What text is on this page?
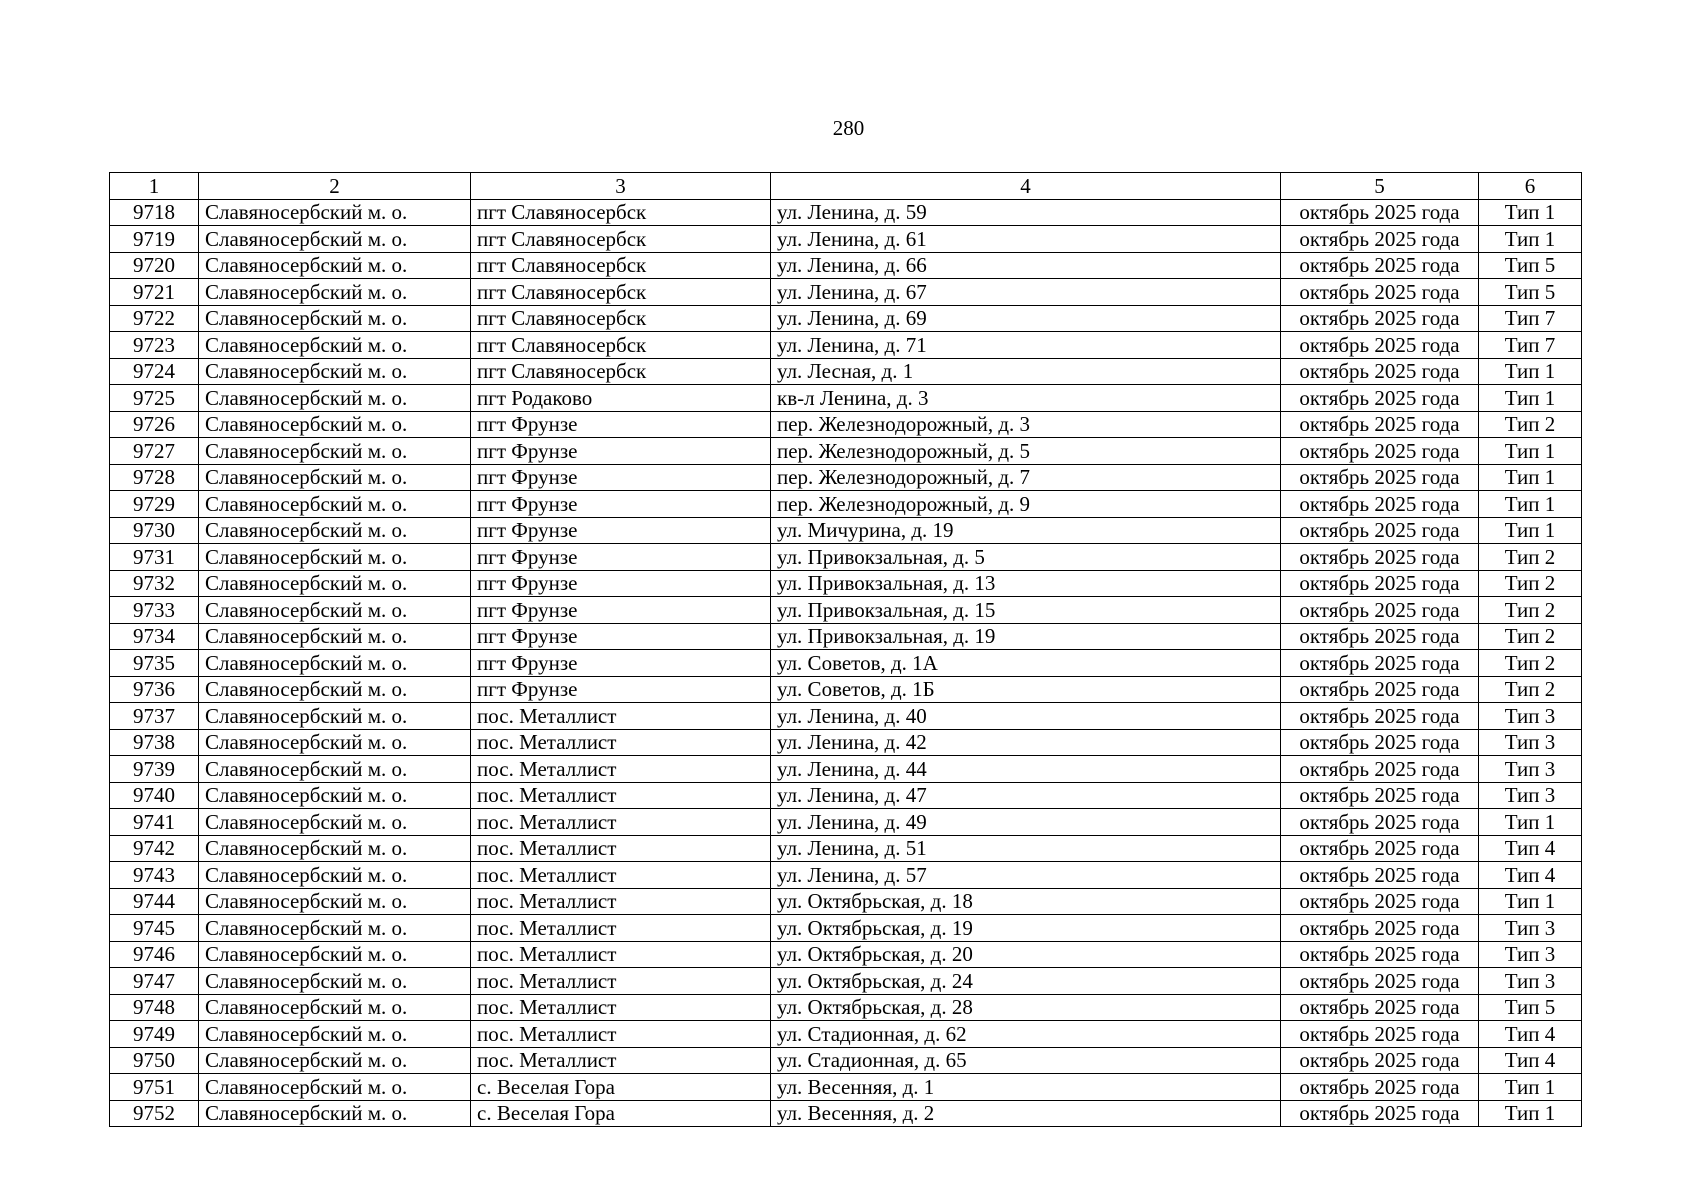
280
1	2	3	4	5	6
9718	Славяносербский м. о.	пгт Славяносербск	ул. Ленина, д. 59	октябрь 2025 года	Тип 1
9719	Славяносербский м. о.	пгт Славяносербск	ул. Ленина, д. 61	октябрь 2025 года	Тип 1
9720	Славяносербский м. о.	пгт Славяносербск	ул. Ленина, д. 66	октябрь 2025 года	Тип 5
9721	Славяносербский м. о.	пгт Славяносербск	ул. Ленина, д. 67	октябрь 2025 года	Тип 5
9722	Славяносербский м. о.	пгт Славяносербск	ул. Ленина, д. 69	октябрь 2025 года	Тип 7
9723	Славяносербский м. о.	пгт Славяносербск	ул. Ленина, д. 71	октябрь 2025 года	Тип 7
9724	Славяносербский м. о.	пгт Славяносербск	ул. Лесная, д. 1	октябрь 2025 года	Тип 1
9725	Славяносербский м. о.	пгт Родаково	кв-л Ленина, д. 3	октябрь 2025 года	Тип 1
9726	Славяносербский м. о.	пгт Фрунзе	пер. Железнодорожный, д. 3	октябрь 2025 года	Тип 2
9727	Славяносербский м. о.	пгт Фрунзе	пер. Железнодорожный, д. 5	октябрь 2025 года	Тип 1
9728	Славяносербский м. о.	пгт Фрунзе	пер. Железнодорожный, д. 7	октябрь 2025 года	Тип 1
9729	Славяносербский м. о.	пгт Фрунзе	пер. Железнодорожный, д. 9	октябрь 2025 года	Тип 1
9730	Славяносербский м. о.	пгт Фрунзе	ул. Мичурина, д. 19	октябрь 2025 года	Тип 1
9731	Славяносербский м. о.	пгт Фрунзе	ул. Привокзальная, д. 5	октябрь 2025 года	Тип 2
9732	Славяносербский м. о.	пгт Фрунзе	ул. Привокзальная, д. 13	октябрь 2025 года	Тип 2
9733	Славяносербский м. о.	пгт Фрунзе	ул. Привокзальная, д. 15	октябрь 2025 года	Тип 2
9734	Славяносербский м. о.	пгт Фрунзе	ул. Привокзальная, д. 19	октябрь 2025 года	Тип 2
9735	Славяносербский м. о.	пгт Фрунзе	ул. Советов, д. 1А	октябрь 2025 года	Тип 2
9736	Славяносербский м. о.	пгт Фрунзе	ул. Советов, д. 1Б	октябрь 2025 года	Тип 2
9737	Славяносербский м. о.	пос. Металлист	ул. Ленина, д. 40	октябрь 2025 года	Тип 3
9738	Славяносербский м. о.	пос. Металлист	ул. Ленина, д. 42	октябрь 2025 года	Тип 3
9739	Славяносербский м. о.	пос. Металлист	ул. Ленина, д. 44	октябрь 2025 года	Тип 3
9740	Славяносербский м. о.	пос. Металлист	ул. Ленина, д. 47	октябрь 2025 года	Тип 3
9741	Славяносербский м. о.	пос. Металлист	ул. Ленина, д. 49	октябрь 2025 года	Тип 1
9742	Славяносербский м. о.	пос. Металлист	ул. Ленина, д. 51	октябрь 2025 года	Тип 4
9743	Славяносербский м. о.	пос. Металлист	ул. Ленина, д. 57	октябрь 2025 года	Тип 4
9744	Славяносербский м. о.	пос. Металлист	ул. Октябрьская, д. 18	октябрь 2025 года	Тип 1
9745	Славяносербский м. о.	пос. Металлист	ул. Октябрьская, д. 19	октябрь 2025 года	Тип 3
9746	Славяносербский м. о.	пос. Металлист	ул. Октябрьская, д. 20	октябрь 2025 года	Тип 3
9747	Славяносербский м. о.	пос. Металлист	ул. Октябрьская, д. 24	октябрь 2025 года	Тип 3
9748	Славяносербский м. о.	пос. Металлист	ул. Октябрьская, д. 28	октябрь 2025 года	Тип 5
9749	Славяносербский м. о.	пос. Металлист	ул. Стадионная, д. 62	октябрь 2025 года	Тип 4
9750	Славяносербский м. о.	пос. Металлист	ул. Стадионная, д. 65	октябрь 2025 года	Тип 4
9751	Славяносербский м. о.	с. Веселая Гора	ул. Весенняя, д. 1	октябрь 2025 года	Тип 1
9752	Славяносербский м. о.	с. Веселая Гора	ул. Весенняя, д. 2	октябрь 2025 года	Тип 1
